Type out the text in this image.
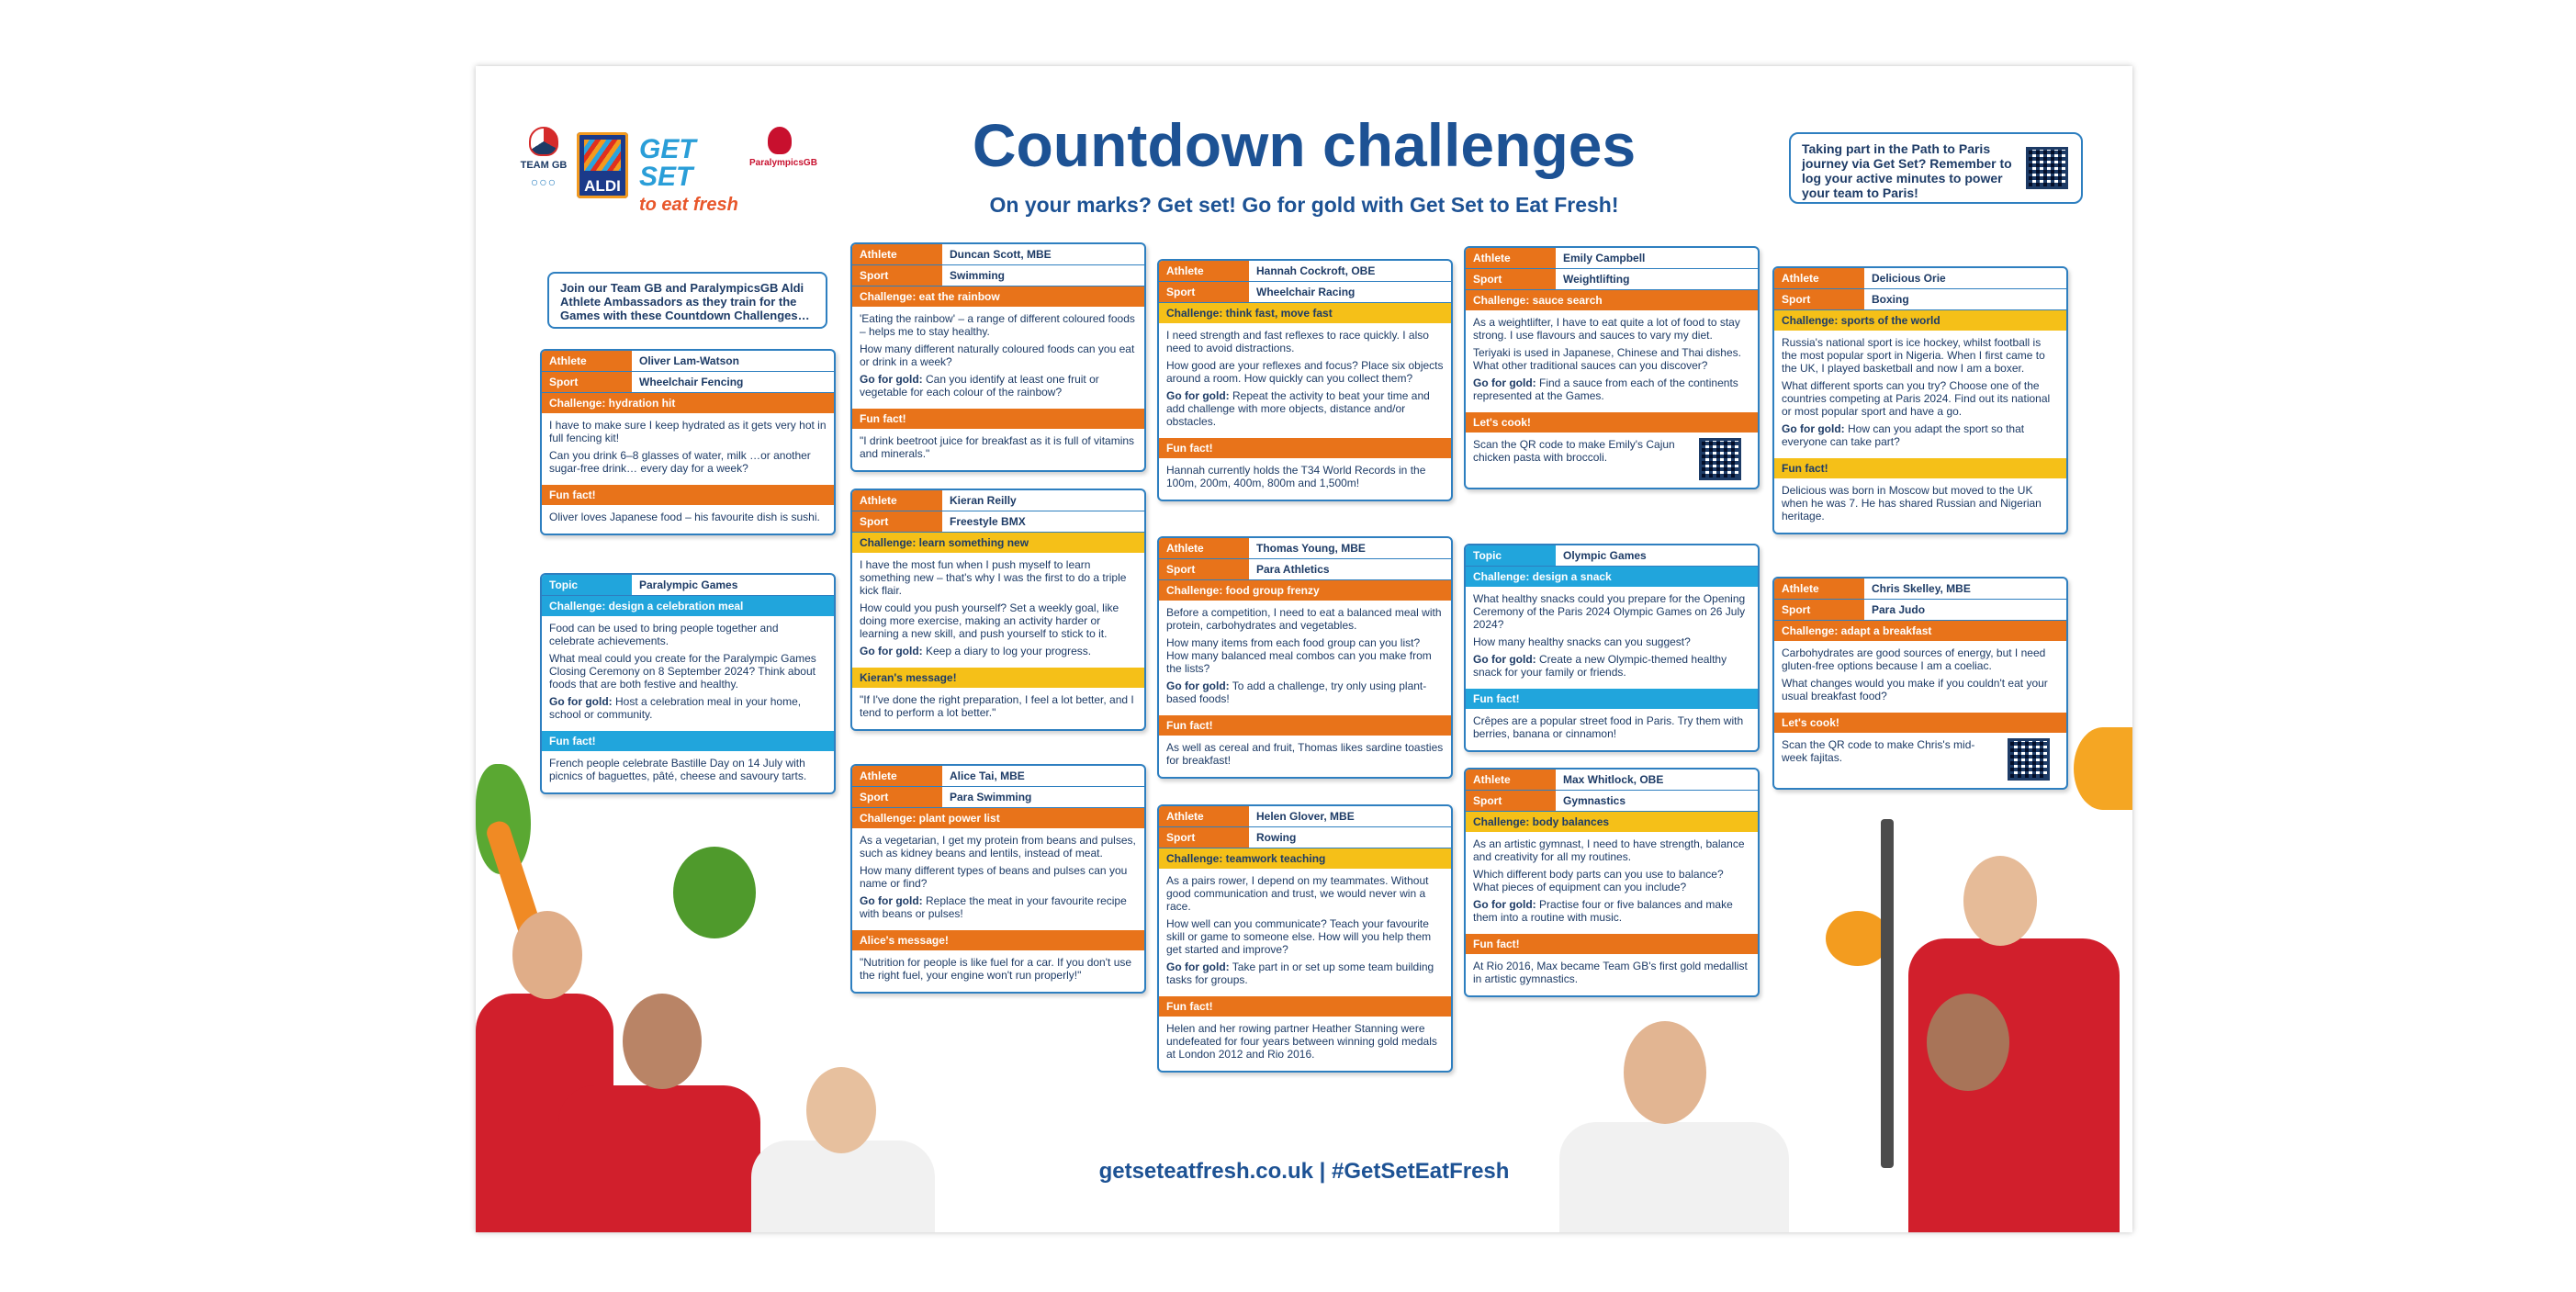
TEAM GB
○○○	ALDI
GET SET
to eat fresh
ParalympicsGB	Countdown challenges
On your marks? Get set! Go for gold with Get Set to Eat Fresh!
Taking part in the Path to Paris journey via Get Set? Remember to log your active minutes to power your team to Paris!
Join our Team GB and ParalympicsGB Aldi Athlete Ambassadors as they train for the Games with these Countdown Challenges…
Athlete	Oliver Lam-Watson
Sport	Wheelchair Fencing
Challenge: hydration hit

I have to make sure I keep hydrated as it gets very hot in full fencing kit!

Can you drink 6–8 glasses of water, milk …or another sugar-free drink… every day for a week?

Fun fact!

Oliver loves Japanese food – his favourite dish is sushi.

Topic	Paralympic Games
Challenge: design a celebration meal

Food can be used to bring people together and celebrate achievements.

What meal could you create for the Paralympic Games Closing Ceremony on 8 September 2024? Think about foods that are both festive and healthy.

Go for gold: Host a celebration meal in your home, school or community.

Fun fact!

French people celebrate Bastille Day on 14 July with picnics of baguettes, pâté, cheese and savoury tarts.

Athlete	Duncan Scott, MBE
Sport	Swimming
Challenge: eat the rainbow

'Eating the rainbow' – a range of different coloured foods – helps me to stay healthy.

How many different naturally coloured foods can you eat or drink in a week?

Go for gold: Can you identify at least one fruit or vegetable for each colour of the rainbow?

Fun fact!

"I drink beetroot juice for breakfast as it is full of vitamins and minerals."

Athlete	Kieran Reilly
Sport	Freestyle BMX
Challenge: learn something new

I have the most fun when I push myself to learn something new – that's why I was the first to do a triple kick flair.

How could you push yourself? Set a weekly goal, like doing more exercise, making an activity harder or learning a new skill, and push yourself to stick to it.

Go for gold: Keep a diary to log your progress.

Kieran's message!

"If I've done the right preparation, I feel a lot better, and I tend to perform a lot better."

Athlete	Alice Tai, MBE
Sport	Para Swimming
Challenge: plant power list

As a vegetarian, I get my protein from beans and pulses, such as kidney beans and lentils, instead of meat.

How many different types of beans and pulses can you name or find?

Go for gold: Replace the meat in your favourite recipe with beans or pulses!

Alice's message!

"Nutrition for people is like fuel for a car. If you don't use the right fuel, your engine won't run properly!"

Athlete	Hannah Cockroft, OBE
Sport	Wheelchair Racing
Challenge: think fast, move fast

I need strength and fast reflexes to race quickly. I also need to avoid distractions.

How good are your reflexes and focus? Place six objects around a room. How quickly can you collect them?

Go for gold: Repeat the activity to beat your time and add challenge with more objects, distance and/or obstacles.

Fun fact!

Hannah currently holds the T34 World Records in the 100m, 200m, 400m, 800m and 1,500m!

Athlete	Thomas Young, MBE
Sport	Para Athletics
Challenge: food group frenzy

Before a competition, I need to eat a balanced meal with protein, carbohydrates and vegetables.

How many items from each food group can you list? How many balanced meal combos can you make from the lists?

Go for gold: To add a challenge, try only using plant-based foods!

Fun fact!

As well as cereal and fruit, Thomas likes sardine toasties for breakfast!

Athlete	Helen Glover, MBE
Sport	Rowing
Challenge: teamwork teaching

As a pairs rower, I depend on my teammates. Without good communication and trust, we would never win a race.

How well can you communicate? Teach your favourite skill or game to someone else. How will you help them get started and improve?

Go for gold: Take part in or set up some team building tasks for groups.

Fun fact!

Helen and her rowing partner Heather Stanning were undefeated for four years between winning gold medals at London 2012 and Rio 2016.

Athlete	Emily Campbell
Sport	Weightlifting
Challenge: sauce search

As a weightlifter, I have to eat quite a lot of food to stay strong. I use flavours and sauces to vary my diet.

Teriyaki is used in Japanese, Chinese and Thai dishes. What other traditional sauces can you discover?

Go for gold: Find a sauce from each of the continents represented at the Games.

Let's cook!

Scan the QR code to make Emily's Cajun chicken pasta with broccoli.

Topic	Olympic Games
Challenge: design a snack

What healthy snacks could you prepare for the Opening Ceremony of the Paris 2024 Olympic Games on 26 July 2024?

How many healthy snacks can you suggest?

Go for gold: Create a new Olympic-themed healthy snack for your family or friends.

Fun fact!

Crêpes are a popular street food in Paris. Try them with berries, banana or cinnamon!

Athlete	Max Whitlock, OBE
Sport	Gymnastics
Challenge: body balances

As an artistic gymnast, I need to have strength, balance and creativity for all my routines.

Which different body parts can you use to balance? What pieces of equipment can you include?

Go for gold: Practise four or five balances and make them into a routine with music.

Fun fact!

At Rio 2016, Max became Team GB's first gold medallist in artistic gymnastics.

Athlete	Delicious Orie
Sport	Boxing
Challenge: sports of the world

Russia's national sport is ice hockey, whilst football is the most popular sport in Nigeria. When I first came to the UK, I played basketball and now I am a boxer.

What different sports can you try? Choose one of the countries competing at Paris 2024. Find out its national or most popular sport and have a go.

Go for gold: How can you adapt the sport so that everyone can take part?

Fun fact!

Delicious was born in Moscow but moved to the UK when he was 7. He has shared Russian and Nigerian heritage.

Athlete	Chris Skelley, MBE
Sport	Para Judo
Challenge: adapt a breakfast

Carbohydrates are good sources of energy, but I need gluten-free options because I am a coeliac.

What changes would you make if you couldn't eat your usual breakfast food?

Let's cook!

Scan the QR code to make Chris's mid-week fajitas.

getseteatfresh.co.uk | #GetSetEatFresh
